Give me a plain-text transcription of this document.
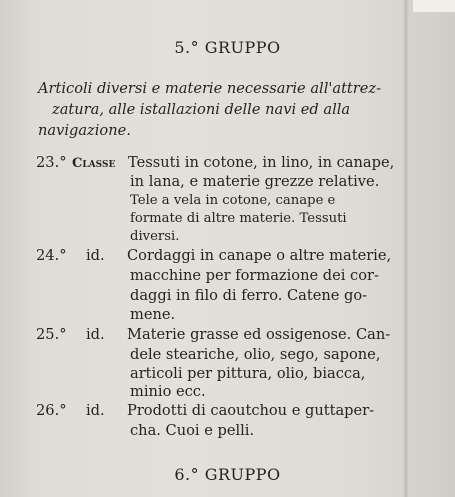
5.° GRUPPO
Articoli diversi e materie necessarie all'attrez-
zatura, alle istallazioni delle navi ed alla
navigazione.
23.° Classe Tessuti in cotone, in lino, in canape,
in lana, e materie grezze relative.
Tele a vela in cotone, canape e
formate di altre materie. Tessuti
diversi.
24.° id. Cordaggi in canape o altre materie,
macchine per formazione dei cor-
daggi in filo di ferro. Catene go-
mene.
25.° id. Materie grasse ed ossigenose. Can-
dele steariche, olio, sego, sapone,
articoli per pittura, olio, biacca,
minio ecc.
26.° id. Prodotti di caoutchou e guttaper-
cha. Cuoi e pelli.
6.° GRUPPO
